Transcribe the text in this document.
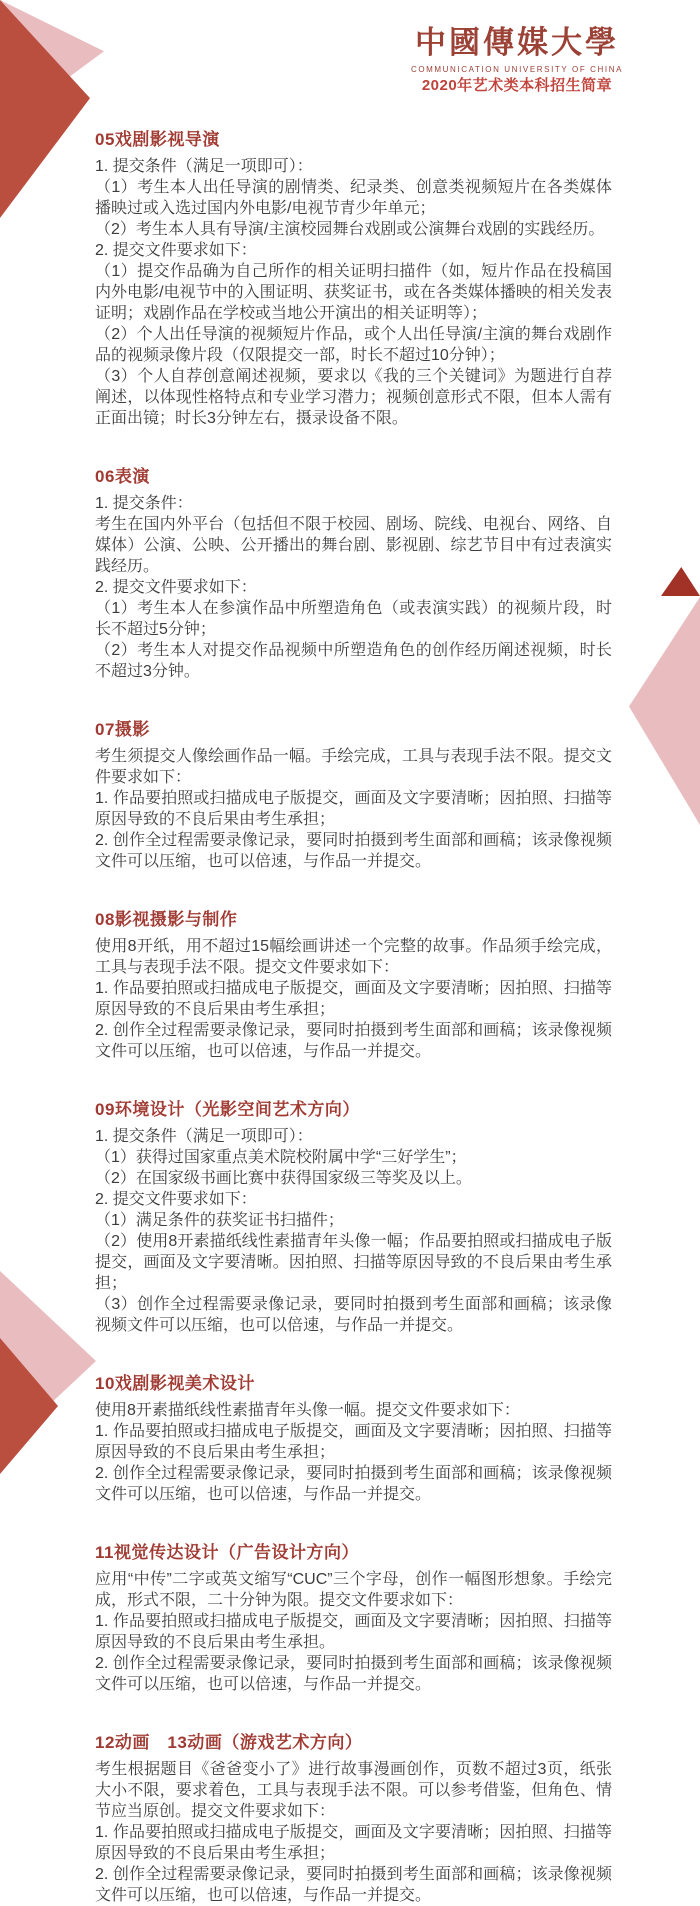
中國傳媒大學
COMMUNICATION UNIVERSITY OF CHINA
2020年艺术类本科招生简章
05戏剧影视导演

1. 提交条件（满足一项即可）：

（1）考生本人出任导演的剧情类、纪录类、创意类视频短片在各类媒体播映过或入选过国内外电影/电视节青少年单元；

（2）考生本人具有导演/主演校园舞台戏剧或公演舞台戏剧的实践经历。

2. 提交文件要求如下：

（1）提交作品确为自己所作的相关证明扫描件（如，短片作品在投稿国内外电影/电视节中的入围证明、获奖证书，或在各类媒体播映的相关发表证明；戏剧作品在学校或当地公开演出的相关证明等）；

（2）个人出任导演的视频短片作品，或个人出任导演/主演的舞台戏剧作品的视频录像片段（仅限提交一部，时长不超过10分钟）；

（3）个人自荐创意阐述视频，要求以《我的三个关键词》为题进行自荐阐述，以体现性格特点和专业学习潜力；视频创意形式不限，但本人需有正面出镜；时长3分钟左右，摄录设备不限。

06表演

1. 提交条件：

考生在国内外平台（包括但不限于校园、剧场、院线、电视台、网络、自媒体）公演、公映、公开播出的舞台剧、影视剧、综艺节目中有过表演实践经历。

2. 提交文件要求如下：

（1）考生本人在参演作品中所塑造角色（或表演实践）的视频片段，时长不超过5分钟；

（2）考生本人对提交作品视频中所塑造角色的创作经历阐述视频，时长不超过3分钟。

07摄影

考生须提交人像绘画作品一幅。手绘完成，工具与表现手法不限。提交文件要求如下：

1. 作品要拍照或扫描成电子版提交，画面及文字要清晰；因拍照、扫描等原因导致的不良后果由考生承担；

2. 创作全过程需要录像记录，要同时拍摄到考生面部和画稿；该录像视频文件可以压缩，也可以倍速，与作品一并提交。

08影视摄影与制作

使用8开纸，用不超过15幅绘画讲述一个完整的故事。作品须手绘完成，工具与表现手法不限。提交文件要求如下：

1. 作品要拍照或扫描成电子版提交，画面及文字要清晰；因拍照、扫描等原因导致的不良后果由考生承担；

2. 创作全过程需要录像记录，要同时拍摄到考生面部和画稿；该录像视频文件可以压缩，也可以倍速，与作品一并提交。

09环境设计（光影空间艺术方向）

1. 提交条件（满足一项即可）：

（1）获得过国家重点美术院校附属中学“三好学生”；

（2）在国家级书画比赛中获得国家级三等奖及以上。

2. 提交文件要求如下：

（1）满足条件的获奖证书扫描件；

（2）使用8开素描纸线性素描青年头像一幅；作品要拍照或扫描成电子版提交，画面及文字要清晰。因拍照、扫描等原因导致的不良后果由考生承担；

（3）创作全过程需要录像记录，要同时拍摄到考生面部和画稿；该录像视频文件可以压缩，也可以倍速，与作品一并提交。

10戏剧影视美术设计

使用8开素描纸线性素描青年头像一幅。提交文件要求如下：

1. 作品要拍照或扫描成电子版提交，画面及文字要清晰；因拍照、扫描等原因导致的不良后果由考生承担；

2. 创作全过程需要录像记录，要同时拍摄到考生面部和画稿；该录像视频文件可以压缩，也可以倍速，与作品一并提交。

11视觉传达设计（广告设计方向）

应用“中传”二字或英文缩写“CUC”三个字母，创作一幅图形想象。手绘完成，形式不限，二十分钟为限。提交文件要求如下：

1. 作品要拍照或扫描成电子版提交，画面及文字要清晰；因拍照、扫描等原因导致的不良后果由考生承担。

2. 创作全过程需要录像记录，要同时拍摄到考生面部和画稿；该录像视频文件可以压缩，也可以倍速，与作品一并提交。

12动画　13动画（游戏艺术方向）

考生根据题目《爸爸变小了》进行故事漫画创作，页数不超过3页，纸张大小不限，要求着色，工具与表现手法不限。可以参考借鉴，但角色、情节应当原创。提交文件要求如下：

1. 作品要拍照或扫描成电子版提交，画面及文字要清晰；因拍照、扫描等原因导致的不良后果由考生承担；

2. 创作全过程需要录像记录，要同时拍摄到考生面部和画稿；该录像视频文件可以压缩，也可以倍速，与作品一并提交。
